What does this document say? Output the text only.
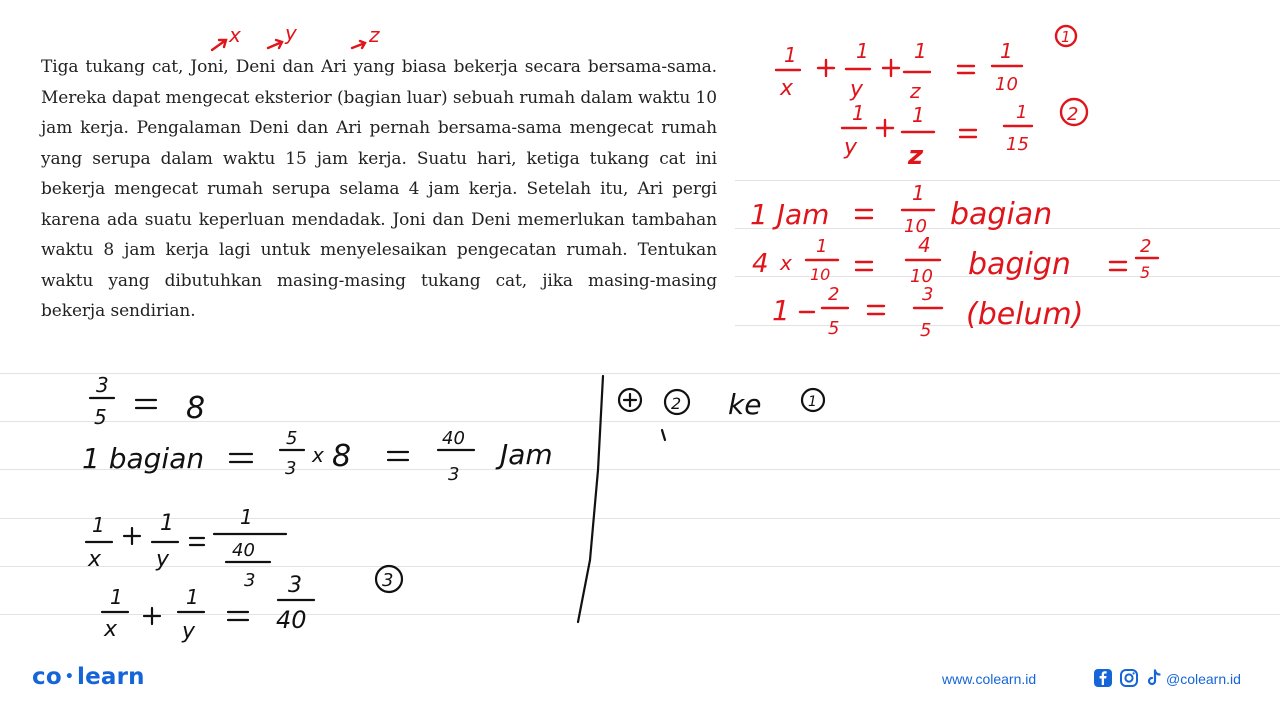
Tiga tukang cat, Joni, Deni dan Ari yang biasa bekerja secara bersama-sama. Mereka dapat mengecat eksterior (bagian luar) sebuah rumah dalam waktu 10 jam kerja. Pengalaman Deni dan Ari pernah bersama-sama mengecat rumah yang serupa dalam waktu 15 jam kerja. Suatu hari, ketiga tukang cat ini bekerja mengecat rumah serupa selama 4 jam kerja. Setelah itu, Ari pergi karena ada suatu keperluan mendadak. Joni dan Deni memerlukan tambahan waktu 8 jam kerja lagi untuk menyelesaikan pengecatan rumah. Tentukan waktu yang dibutuhkan masing-masing tukang cat, jika masing-masing bekerja sendirian.
x y	z
1
x
1
y
1
z
1
10
1
1
y
1
z
1
15
2
1 Jam
1
10 bagian
4 x
1
10
4
10 bagign
2
5
1 2
5
3
5 (belum)
3
5	8
1 bagian
5
3
x 8
40
3
Jam
1
x
1
y
1
40
3	3
1
x
1
y
3
40
2 ke	1
co • learn	www.colearn.id	@colearn.id
